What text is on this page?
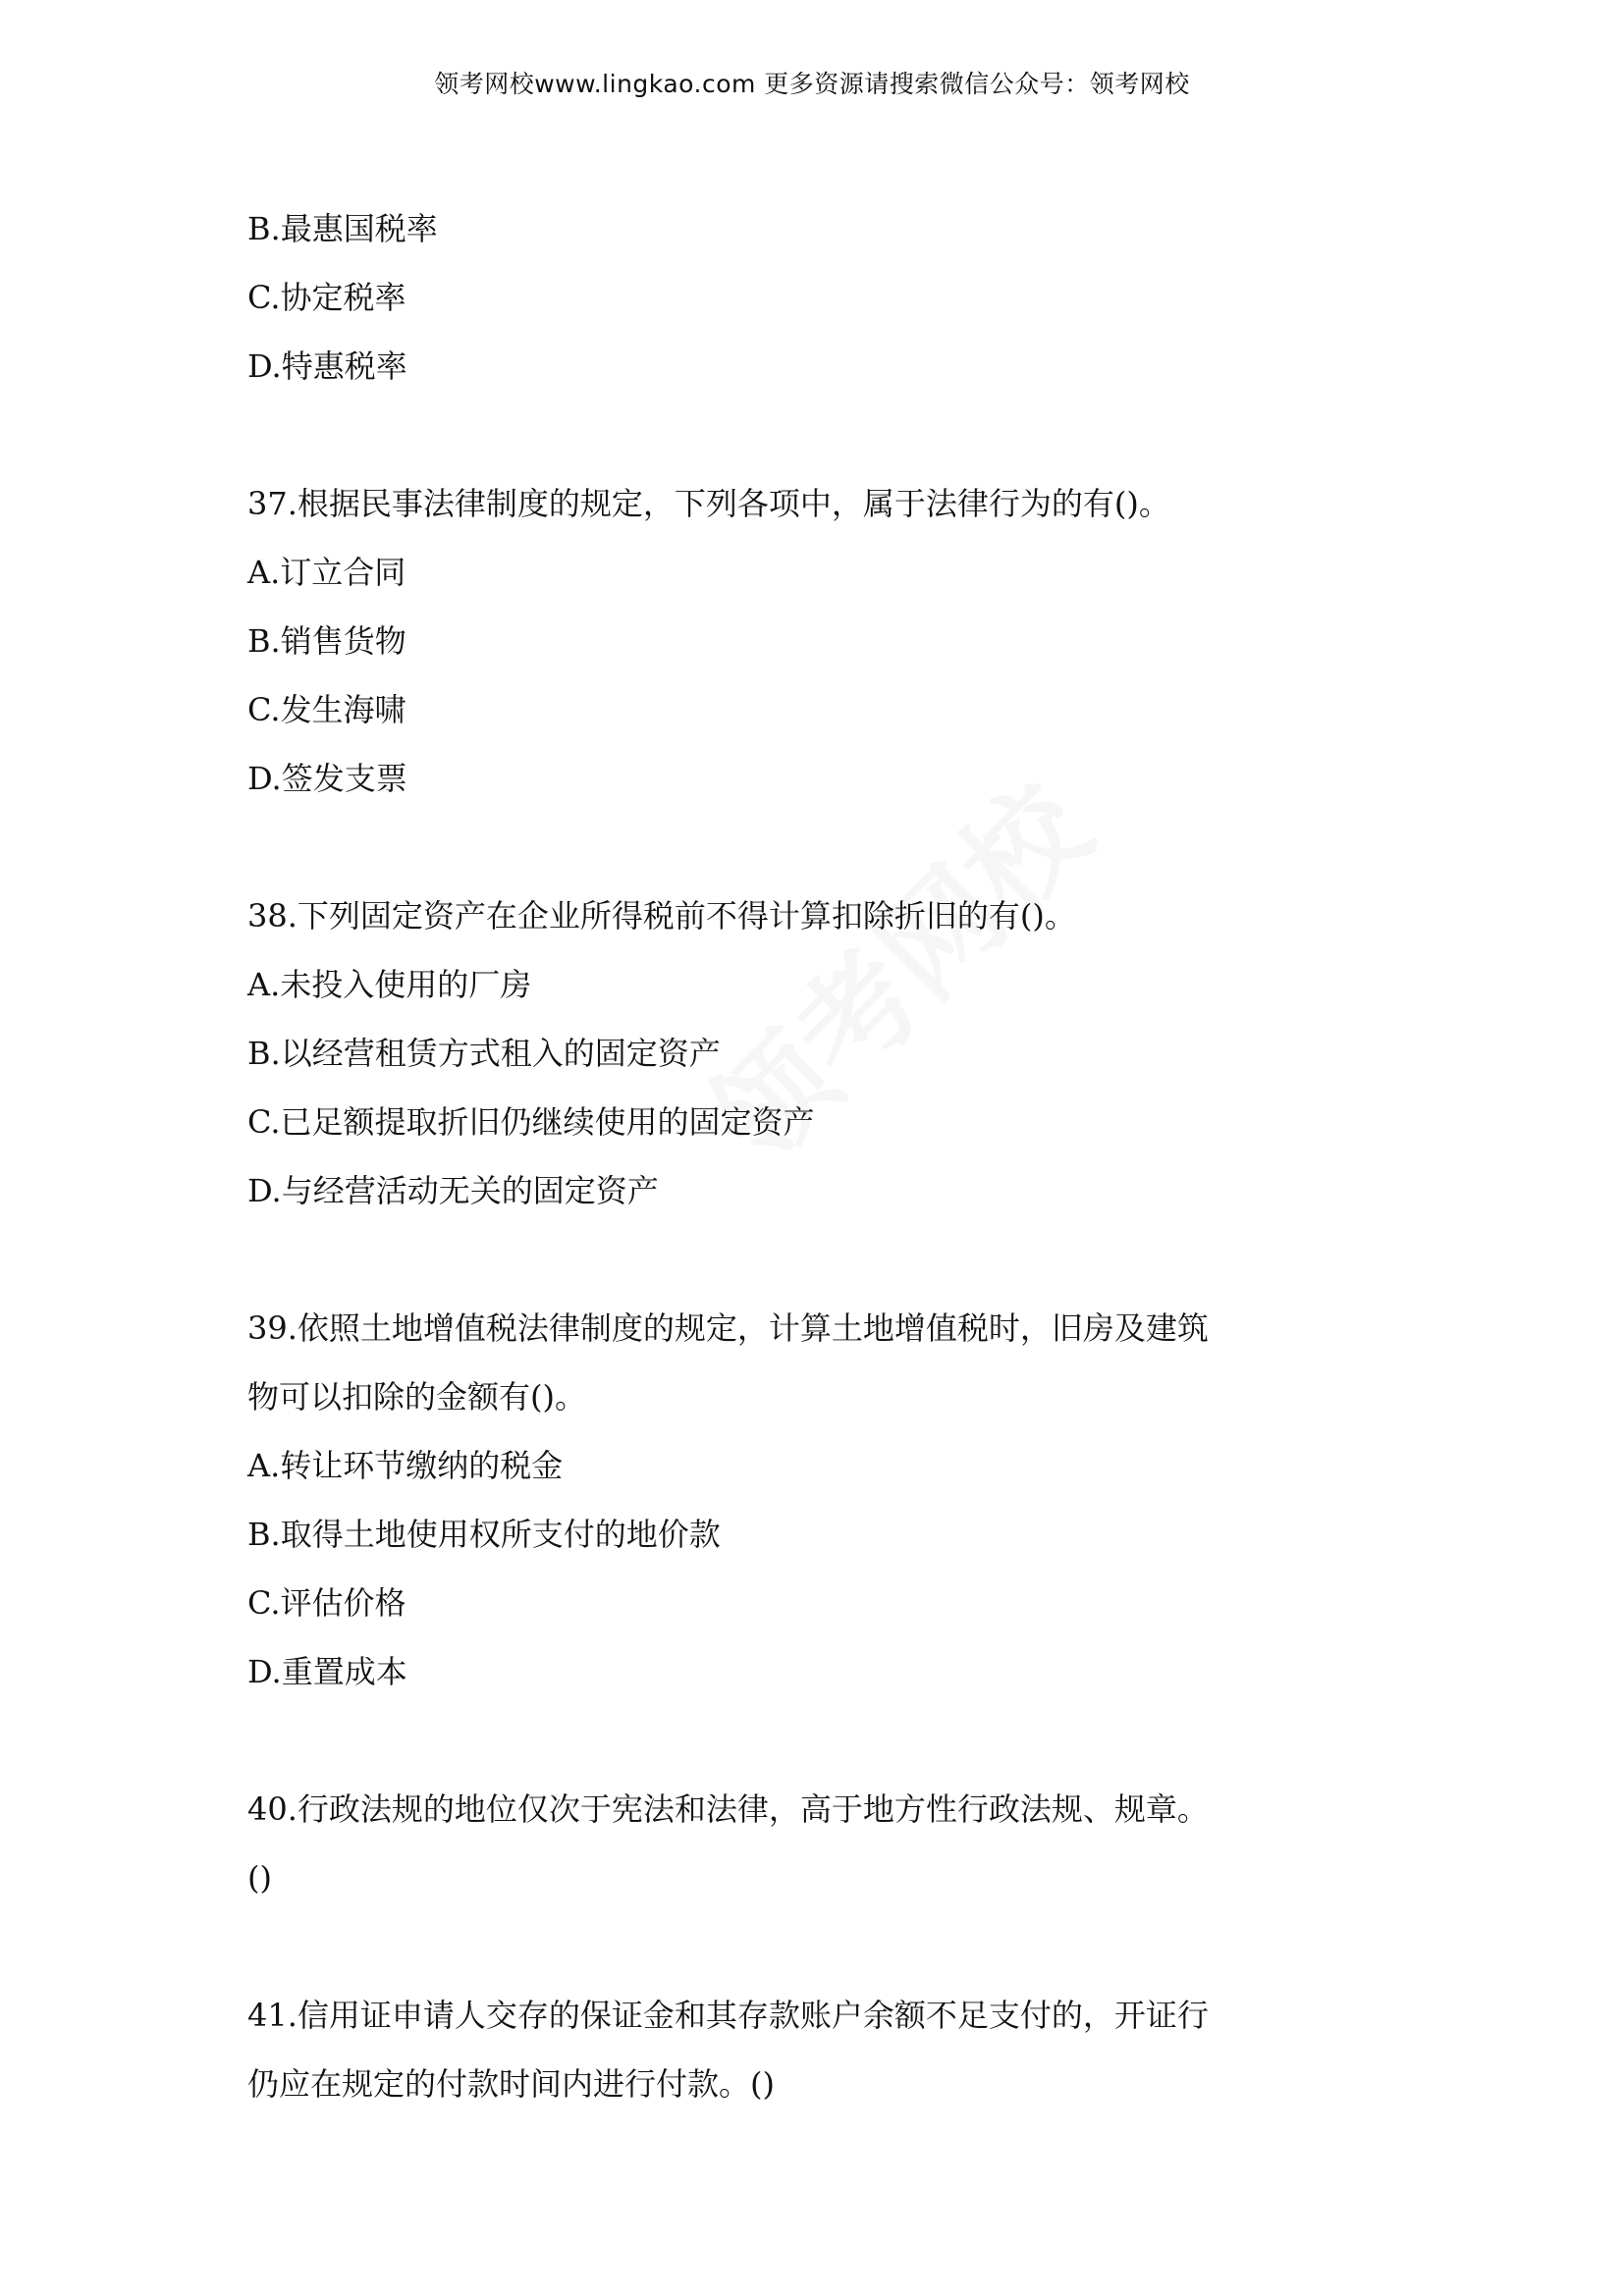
领考网校www.lingkao.com 更多资源请搜索微信公众号：领考网校
B.最惠国税率
C.协定税率
D.特惠税率
37.根据民事法律制度的规定，下列各项中，属于法律行为的有()。
A.订立合同
B.销售货物
C.发生海啸
D.签发支票
38.下列固定资产在企业所得税前不得计算扣除折旧的有()。
A.未投入使用的厂房
B.以经营租赁方式租入的固定资产
C.已足额提取折旧仍继续使用的固定资产
D.与经营活动无关的固定资产
39.依照土地增值税法律制度的规定，计算土地增值税时，旧房及建筑
物可以扣除的金额有()。
A.转让环节缴纳的税金
B.取得土地使用权所支付的地价款
C.评估价格
D.重置成本
40.行政法规的地位仅次于宪法和法律，高于地方性行政法规、规章。
()
41.信用证申请人交存的保证金和其存款账户余额不足支付的，开证行
仍应在规定的付款时间内进行付款。()
